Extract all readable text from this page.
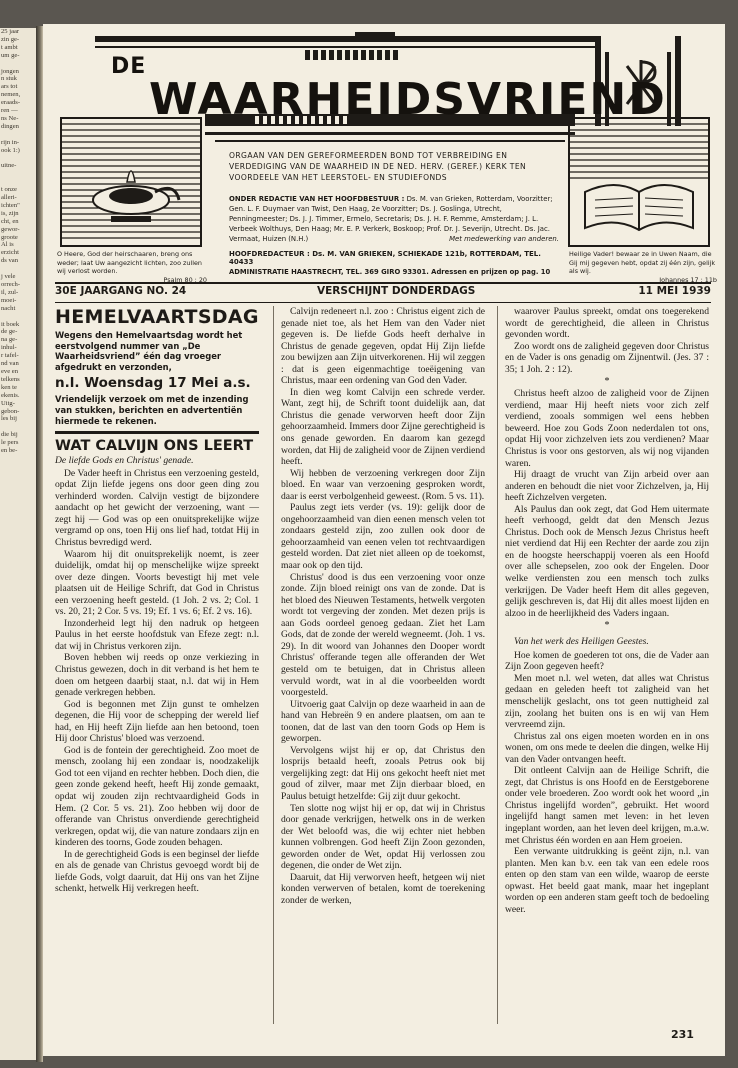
25 jaar
zin ge-
t ambt
um ge-

jongen
n stuk
ars tot
nemen,
eraads-
ren —
ns Ne-
dingen

rijn in-
ook 1:)

uitne-

t onze
alleri-
ichten"
is, zijn
cht, en
gewor-
groote
Al is
erzicht
ds van

j vele
orrech-
il, zul-
moei-
nacht

it boek
de ge-
na ge-
inhul-
r tafel-
nd van
eve en
telkens
ken te
ekenis.
Uitg-
gebon-
les bij

die bij
le pers
en be-
DE
WAARHEIDSVRIEND
ORGAAN VAN DEN GEREFORMEERDEN BOND TOT VERBREIDING EN VERDEDIGING VAN DE WAARHEID IN DE NED. HERV. (GEREF.) KERK TEN VOORDEELE VAN HET LEERSTOEL- EN STUDIEFONDS
ONDER REDACTIE VAN HET HOOFDBESTUUR : Ds. M. van Grieken, Rotterdam, Voorzitter; Gen. L. F. Duymaer van Twist, Den Haag, 2e Voorzitter; Ds. J. Goslinga, Utrecht, Penningmeester; Ds. J. J. Timmer, Ermelo, Secretaris; Ds. J. H. F. Remme, Amsterdam; J. L. Verbeek Wolthuys, Den Haag; Mr. E. P. Verkerk, Boskoop; Prof. Dr. J. Severijn, Utrecht. Ds. Jac. Vermaat, Huizen (N.H.)	Met medewerking van anderen.
HOOFDREDACTEUR : Ds. M. VAN GRIEKEN, SCHIEKADE 121b, ROTTERDAM, TEL. 40433
ADMINISTRATIE HAASTRECHT, TEL. 369 GIRO 93301. Adressen en prijzen op pag. 10
O Heere, God der heirschaaren, breng ons weder; laat Uw aangezicht lichten, zoo zullen wij verlost worden.
Psalm 80 : 20
Heilige Vader! bewaar ze in Uwen Naam, die Gij mij gegeven hebt, opdat zij één zijn, gelijk als wij.
Johannes 17 : 11b
30E JAARGANG NO. 24	VERSCHIJNT DONDERDAGS	11 MEI 1939
HEMELVAARTSDAG
Wegens den Hemelvaartsdag wordt het eerstvolgend nummer van „De Waarheidsvriend” één dag vroeger afgedrukt en verzonden,
n.l. Woensdag 17 Mei a.s.
Vriendelijk verzoek om met de inzending van stukken, berichten en advertentiën hiermede te rekenen.
WAT CALVIJN ONS LEERT
De liefde Gods en Christus' genade.

De Vader heeft in Christus een verzoening gesteld, opdat Zijn liefde jegens ons door geen ding zou verhinderd worden. Calvijn vestigt de bijzondere aandacht op het gewicht der verzoening, want — zegt hij — God was op een onuitsprekelijke wijze vergramd op ons, toen Hij ons lief had, totdat Hij in Christus bevredigd werd.

Waarom hij dit onuitsprekelijk noemt, is zeer duidelijk, omdat hij op menschelijke wijze spreekt over deze dingen. Voorts bevestigt hij met vele plaatsen uit de Heilige Schrift, dat God in Christus een verzoening heeft gesteld. (1 Joh. 2 vs. 2; Col. 1 vs. 20, 21; 2 Cor. 5 vs. 19; Ef. 1 vs. 6; Ef. 2 vs. 16).

Inzonderheid legt hij den nadruk op hetgeen Paulus in het eerste hoofdstuk van Efeze zegt: n.l. dat wij in Christus verkoren zijn.

Boven hebben wij reeds op onze verkiezing in Christus gewezen, doch in dit verband is het hem te doen om hetgeen daarbij staat, n.l. dat wij in Hem genade verkregen hebben.

God is begonnen met Zijn gunst te omhelzen degenen, die Hij voor de schepping der wereld lief had, en Hij heeft Zijn liefde aan hen betoond, toen Hij door Christus' bloed was verzoend.

God is de fontein der gerechtigheid. Zoo moet de mensch, zoolang hij een zondaar is, noodzakelijk God tot een vijand en rechter hebben. Doch dien, die geen zonde gekend heeft, heeft Hij zonde gemaakt, opdat wij zouden zijn rechtvaardigheid Gods in Hem. (2 Cor. 5 vs. 21). Zoo hebben wij door de offerande van Christus onverdiende gerechtigheid verkregen, opdat wij, die van nature zondaars zijn en kinderen des toorns, Gode zouden behagen.

In de gerechtigheid Gods is een beginsel der liefde en als de genade van Christus gevoegd wordt bij de liefde Gods, volgt daaruit, dat Hij ons van het Zijne schenkt, hetwelk Hij verkregen heeft.

Calvijn redeneert n.l. zoo : Christus eigent zich de genade niet toe, als het Hem van den Vader niet gegeven is. De liefde Gods heeft derhalve in Christus de genade gegeven, opdat Hij Zijn liefde zou bewijzen aan Zijn uitverkorenen. Hij wil zeggen : dat is geen eigenmachtige toeëigening van Christus, maar een ordening van God den Vader.

In dien weg komt Calvijn een schrede verder. Want, zegt hij, de Schrift toont duidelijk aan, dat Christus die genade verworven heeft door Zijn gehoorzaamheid. Immers door Zijne gerechtigheid is ons genade geworden. En daarom kan gezegd worden, dat Hij de zaligheid voor de Zijnen verdiend heeft.

Wij hebben de verzoening verkregen door Zijn bloed. En waar van verzoening gesproken wordt, daar is eerst verbolgenheid geweest. (Rom. 5 vs. 11).

Paulus zegt iets verder (vs. 19): gelijk door de ongehoorzaamheid van dien eenen mensch velen tot zondaars gesteld zijn, zoo zullen ook door de gehoorzaamheid van eenen velen tot rechtvaardigen gesteld worden. Dat ziet niet alleen op de toekomst, maar ook op den tijd.

Christus' dood is dus een verzoening voor onze zonde. Zijn bloed reinigt ons van de zonde. Dat is het bloed des Nieuwen Testaments, hetwelk vergoten wordt tot vergeving der zonden. Met dezen prijs is aan Gods oordeel genoeg gedaan. Ziet het Lam Gods, dat de zonde der wereld wegneemt. (Joh. 1 vs. 29). In dit woord van Johannes den Dooper wordt Christus' offerande tegen alle offeranden der Wet gesteld om te betuigen, dat in Christus alleen vervuld wordt, wat in al die voorbeelden wordt voorgesteld.

Uitvoerig gaat Calvijn op deze waarheid in aan de hand van Hebreën 9 en andere plaatsen, om aan te toonen, dat de last van den toorn Gods op Hem is geworpen.

Vervolgens wijst hij er op, dat Christus den losprijs betaald heeft, zooals Petrus ook bij vergelijking zegt: dat Hij ons gekocht heeft niet met goud of zilver, maar met Zijn dierbaar bloed, en Paulus betuigt hetzelfde: Gij zijt duur gekocht.

Ten slotte nog wijst hij er op, dat wij in Christus door genade verkrijgen, hetwelk ons in de werken der Wet beloofd was, die wij echter niet hebben kunnen volbrengen. God heeft Zijn Zoon gezonden, geworden onder de Wet, opdat Hij verlossen zou degenen, die onder de Wet zijn.

Daaruit, dat Hij verworven heeft, hetgeen wij niet konden verwerven of betalen, komt de toerekening zonder de werken,

waarover Paulus spreekt, omdat ons toegerekend wordt de gerechtigheid, die alleen in Christus gevonden wordt.

Zoo wordt ons de zaligheid gegeven door Christus en de Vader is ons genadig om Zijnentwil. (Jes. 37 : 35; 1 Joh. 2 : 12).

*

Christus heeft alzoo de zaligheid voor de Zijnen verdiend, maar Hij heeft niets voor zich zelf verdiend, zooals sommigen wel eens hebben beweerd. Hoe zou Gods Zoon nederdalen tot ons, opdat Hij voor zichzelven iets zou verdienen? Maar Christus is voor ons gestorven, als wij nog vijanden waren.

Hij draagt de vrucht van Zijn arbeid over aan anderen en behoudt die niet voor Zichzelven, ja, Hij heeft Zichzelven vergeten.

Als Paulus dan ook zegt, dat God Hem uitermate heeft verhoogd, geldt dat den Mensch Jezus Christus. Doch ook de Mensch Jezus Christus heeft niet verdiend dat Hij een Rechter der aarde zou zijn en de hoogste heerschappij voeren als een Hoofd over alle schepselen, zoo ook der Engelen. Door welke verdiensten zou een mensch toch zulks verkrijgen. De Vader heeft Hem dit alles gegeven, gelijk geschreven is, dat Hij dit alles moest lijden en alzoo in de heerlijkheid des Vaders ingaan.

*

Van het werk des Heiligen Geestes.

Hoe komen de goederen tot ons, die de Vader aan Zijn Zoon gegeven heeft?

Men moet n.l. wel weten, dat alles wat Christus gedaan en geleden heeft tot zaligheid van het menschelijk geslacht, ons tot geen nuttigheid zal zijn, zoolang het buiten ons is en wij van Hem vervreemd zijn.

Christus zal ons eigen moeten worden en in ons wonen, om ons mede te deelen die dingen, welke Hij van den Vader ontvangen heeft.

Dit ontleent Calvijn aan de Heilige Schrift, die zegt, dat Christus is ons Hoofd en de Eerstgeborene onder vele broederen. Zoo wordt ook het woord „in Christus ingelijfd worden”, gebruikt. Het woord ingelijfd hangt samen met leven: in het leven ingeplant worden, aan het leven deel krijgen, m.a.w. met Christus één worden en aan Hem groeien.

Een verwante uitdrukking is geënt zijn, n.l. van planten. Men kan b.v. een tak van een edele roos enten op den stam van een wilde, waarop de eerste opwast. Het beeld gaat mank, maar het ingeplant worden op een anderen stam geeft toch de bedoeling weer.

231
